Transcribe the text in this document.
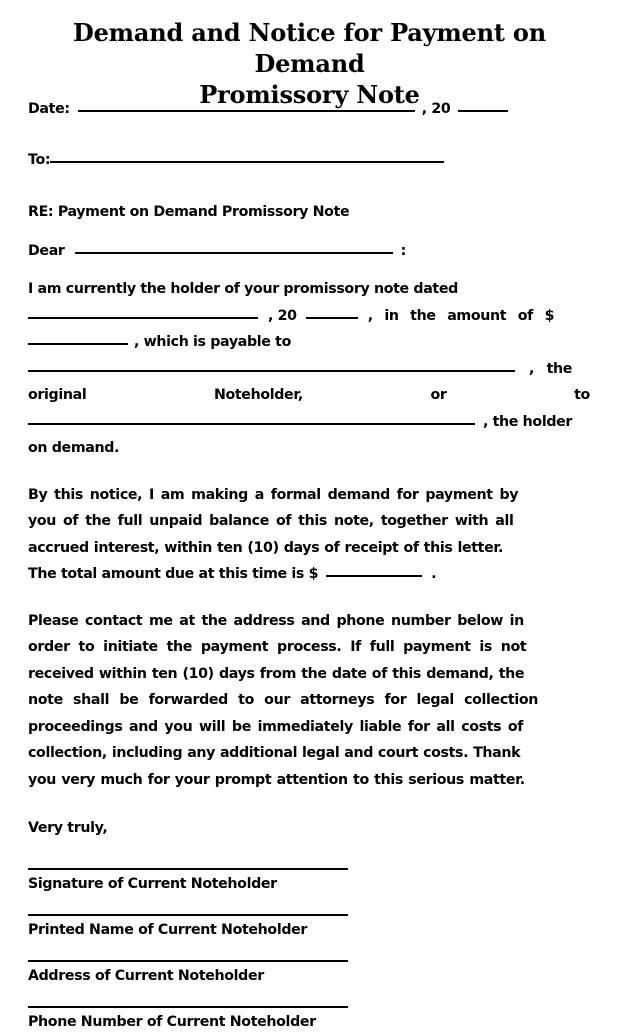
Demand and Notice for Payment on Demand
Promissory Note
Date:	, 20
To:
RE: Payment on Demand Promissory Note
Dear	:
I am currently the holder of your promissory note dated
, 20	, in the amount of $
, which is payable to
, the
original	Noteholder,	or	to
, the holder
on demand.
By this notice, I am making a formal demand for payment by
you of the full unpaid balance of this note, together with all
accrued interest, within ten (10) days of receipt of this letter.
The total amount due at this time is $	.
Please contact me at the address and phone number below in
order to initiate the payment process. If full payment is not
received within ten (10) days from the date of this demand, the
note shall be forwarded to our attorneys for legal collection
proceedings and you will be immediately liable for all costs of
collection, including any additional legal and court costs. Thank
you very much for your prompt attention to this serious matter.
Very truly,
Signature of Current Noteholder
Printed Name of Current Noteholder
Address of Current Noteholder
Phone Number of Current Noteholder
